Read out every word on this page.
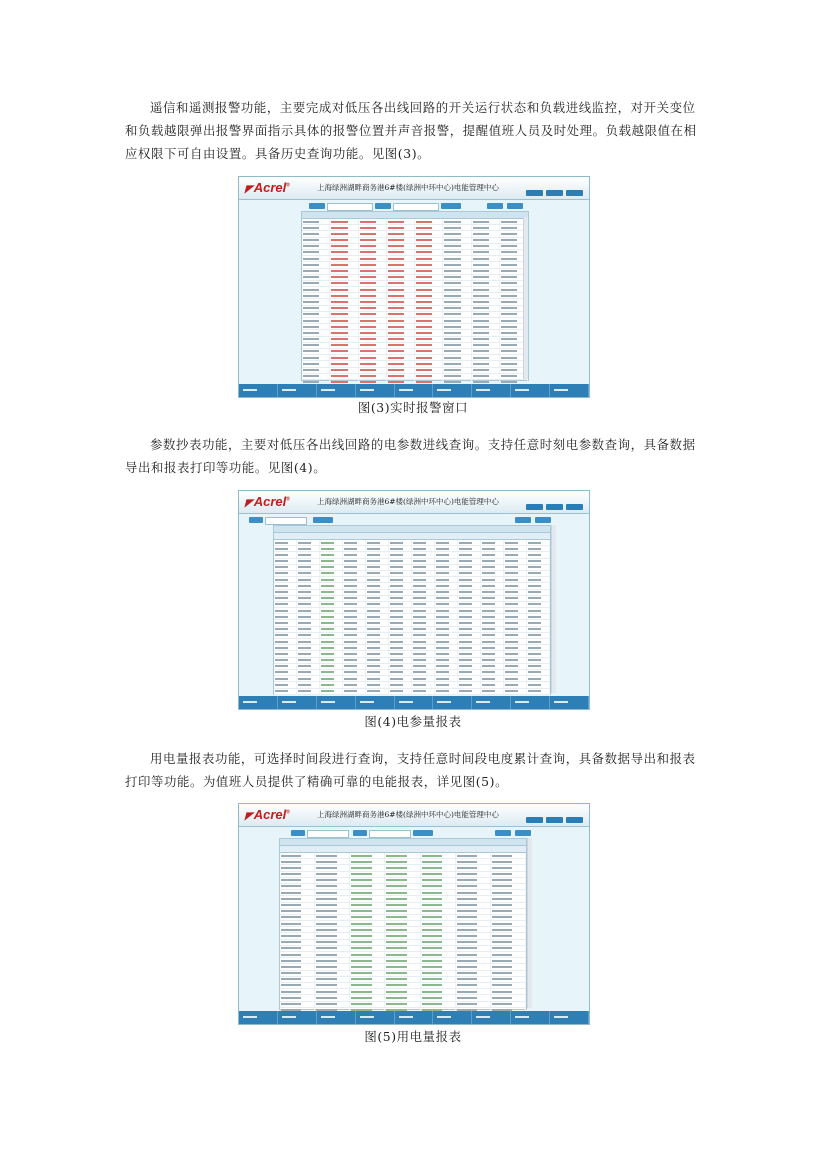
遥信和遥测报警功能，主要完成对低压各出线回路的开关运行状态和负载进线监控，对开关变位和负载越限弹出报警界面指示具体的报警位置并声音报警，提醒值班人员及时处理。负载越限值在相应权限下可自由设置。具备历史查询功能。见图(3)。

◤Acrel®	上海绿洲湖畔商务港6#楼(绿洲中环中心)电能管理中心
图(3)实时报警窗口

参数抄表功能，主要对低压各出线回路的电参数进线查询。支持任意时刻电参数查询，具备数据导出和报表打印等功能。见图(4)。

◤Acrel®	上海绿洲湖畔商务港6#楼(绿洲中环中心)电能管理中心
图(4)电参量报表

用电量报表功能，可选择时间段进行查询，支持任意时间段电度累计查询，具备数据导出和报表打印等功能。为值班人员提供了精确可靠的电能报表，详见图(5)。

◤Acrel®	上海绿洲湖畔商务港6#楼(绿洲中环中心)电能管理中心
图(5)用电量报表
